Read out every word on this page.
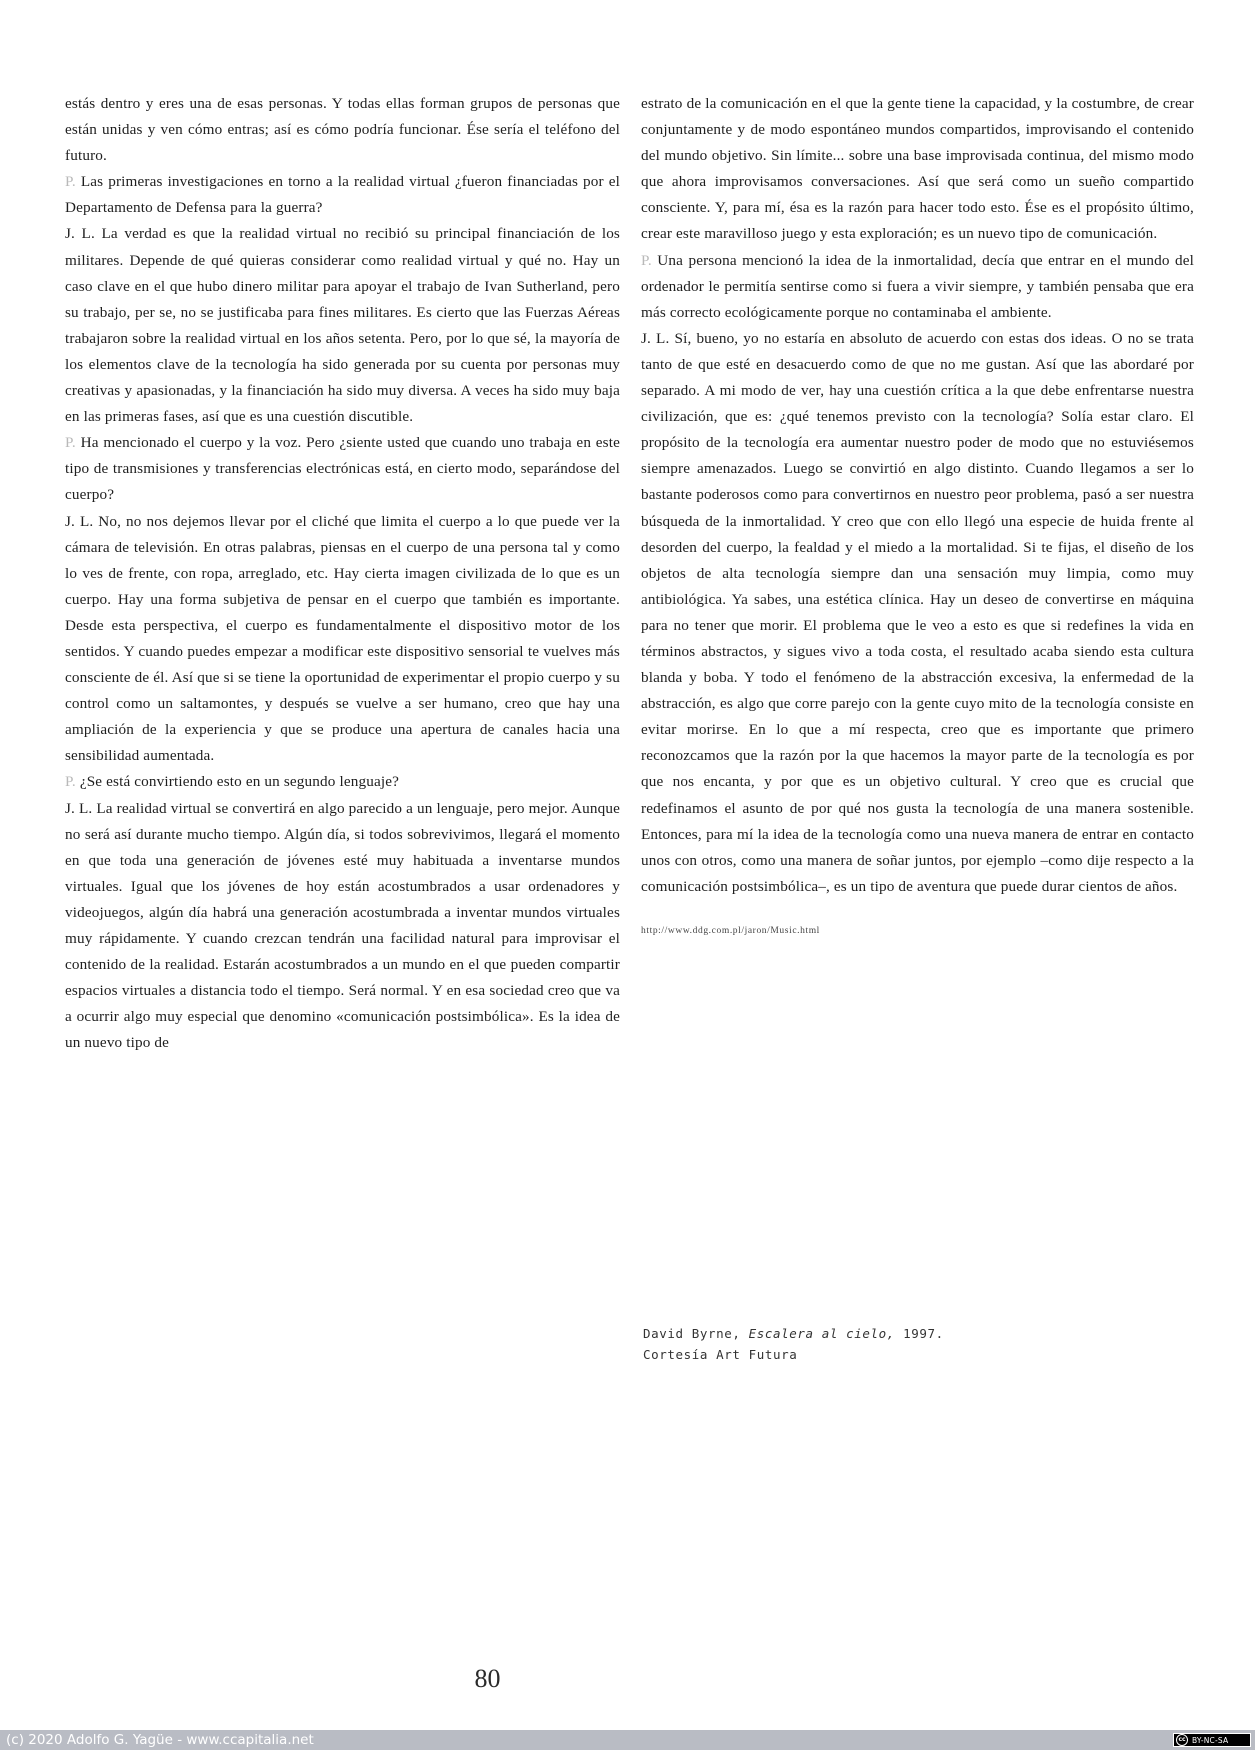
estás dentro y eres una de esas personas. Y todas ellas forman grupos de personas que están unidas y ven cómo entras; así es cómo podría funcionar. Ése sería el teléfono del futuro.

P. Las primeras investigaciones en torno a la realidad virtual ¿fueron financiadas por el Departamento de Defensa para la guerra?

J. L. La verdad es que la realidad virtual no recibió su principal financiación de los militares. Depende de qué quieras considerar como realidad virtual y qué no. Hay un caso clave en el que hubo dinero militar para apoyar el trabajo de Ivan Sutherland, pero su trabajo, per se, no se justificaba para fines militares. Es cierto que las Fuerzas Aéreas trabajaron sobre la realidad virtual en los años setenta. Pero, por lo que sé, la mayoría de los elementos clave de la tecnología ha sido generada por su cuenta por personas muy creativas y apasionadas, y la financiación ha sido muy diversa. A veces ha sido muy baja en las primeras fases, así que es una cuestión discutible.

P. Ha mencionado el cuerpo y la voz. Pero ¿siente usted que cuando uno trabaja en este tipo de transmisiones y transferencias electrónicas está, en cierto modo, separándose del cuerpo?

J. L. No, no nos dejemos llevar por el cliché que limita el cuerpo a lo que puede ver la cámara de televisión. En otras palabras, piensas en el cuerpo de una persona tal y como lo ves de frente, con ropa, arreglado, etc. Hay cierta imagen civilizada de lo que es un cuerpo. Hay una forma subjetiva de pensar en el cuerpo que también es importante. Desde esta perspectiva, el cuerpo es fundamentalmente el dispositivo motor de los sentidos. Y cuando puedes empezar a modificar este dispositivo sensorial te vuelves más consciente de él. Así que si se tiene la oportunidad de experimentar el propio cuerpo y su control como un saltamontes, y después se vuelve a ser humano, creo que hay una ampliación de la experiencia y que se produce una apertura de canales hacia una sensibilidad aumentada.

P. ¿Se está convirtiendo esto en un segundo lenguaje?

J. L. La realidad virtual se convertirá en algo parecido a un lenguaje, pero mejor. Aunque no será así durante mucho tiempo. Algún día, si todos sobrevivimos, llegará el momento en que toda una generación de jóvenes esté muy habituada a inventarse mundos virtuales. Igual que los jóvenes de hoy están acostumbrados a usar ordenadores y videojuegos, algún día habrá una generación acostumbrada a inventar mundos virtuales muy rápidamente. Y cuando crezcan tendrán una facilidad natural para improvisar el contenido de la realidad. Estarán acostumbrados a un mundo en el que pueden compartir espacios virtuales a distancia todo el tiempo. Será normal. Y en esa sociedad creo que va a ocurrir algo muy especial que denomino «comunicación postsimbólica». Es la idea de un nuevo tipo de

estrato de la comunicación en el que la gente tiene la capacidad, y la costumbre, de crear conjuntamente y de modo espontáneo mundos compartidos, improvisando el contenido del mundo objetivo. Sin límite... sobre una base improvisada continua, del mismo modo que ahora improvisamos conversaciones. Así que será como un sueño compartido consciente. Y, para mí, ésa es la razón para hacer todo esto. Ése es el propósito último, crear este maravilloso juego y esta exploración; es un nuevo tipo de comunicación.

P. Una persona mencionó la idea de la inmortalidad, decía que entrar en el mundo del ordenador le permitía sentirse como si fuera a vivir siempre, y también pensaba que era más correcto ecológicamente porque no contaminaba el ambiente.

J. L. Sí, bueno, yo no estaría en absoluto de acuerdo con estas dos ideas. O no se trata tanto de que esté en desacuerdo como de que no me gustan. Así que las abordaré por separado. A mi modo de ver, hay una cuestión crítica a la que debe enfrentarse nuestra civilización, que es: ¿qué tenemos previsto con la tecnología? Solía estar claro. El propósito de la tecnología era aumentar nuestro poder de modo que no estuviésemos siempre amenazados. Luego se convirtió en algo distinto. Cuando llegamos a ser lo bastante poderosos como para convertirnos en nuestro peor problema, pasó a ser nuestra búsqueda de la inmortalidad. Y creo que con ello llegó una especie de huida frente al desorden del cuerpo, la fealdad y el miedo a la mortalidad. Si te fijas, el diseño de los objetos de alta tecnología siempre dan una sensación muy limpia, como muy antibiológica. Ya sabes, una estética clínica. Hay un deseo de convertirse en máquina para no tener que morir. El problema que le veo a esto es que si redefines la vida en términos abstractos, y sigues vivo a toda costa, el resultado acaba siendo esta cultura blanda y boba. Y todo el fenómeno de la abstracción excesiva, la enfermedad de la abstracción, es algo que corre parejo con la gente cuyo mito de la tecnología consiste en evitar morirse. En lo que a mí respecta, creo que es importante que primero reconozcamos que la razón por la que hacemos la mayor parte de la tecnología es por que nos encanta, y por que es un objetivo cultural. Y creo que es crucial que redefinamos el asunto de por qué nos gusta la tecnología de una manera sostenible. Entonces, para mí la idea de la tecnología como una nueva manera de entrar en contacto unos con otros, como una manera de soñar juntos, por ejemplo –como dije respecto a la comunicación postsimbólica–, es un tipo de aventura que puede durar cientos de años.

http://www.ddg.com.pl/jaron/Music.html

David Byrne, Escalera al cielo, 1997.
Cortesía Art Futura
80
(c) 2020 Adolfo G. Yagüe - www.ccapitalia.net	cc BY-NC-SA
